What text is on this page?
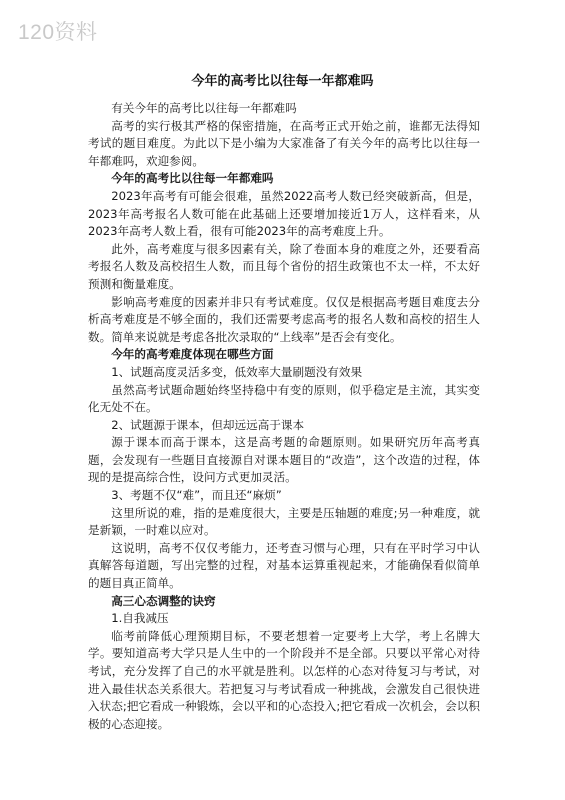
120资料
今年的高考比以往每一年都难吗

有关今年的高考比以往每一年都难吗

高考的实行极其严格的保密措施，在高考正式开始之前，谁都无法得知考试的题目难度。为此以下是小编为大家准备了有关今年的高考比以往每一年都难吗，欢迎参阅。

今年的高考比以往每一年都难吗

2023年高考有可能会很难，虽然2022高考人数已经突破新高，但是，2023年高考报名人数可能在此基础上还要增加接近1万人，这样看来，从2023年高考人数上看，很有可能2023年的高考难度上升。

此外，高考难度与很多因素有关，除了卷面本身的难度之外，还要看高考报名人数及高校招生人数，而且每个省份的招生政策也不太一样，不太好预测和衡量难度。

影响高考难度的因素并非只有考试难度。仅仅是根据高考题目难度去分析高考难度是不够全面的，我们还需要考虑高考的报名人数和高校的招生人数。简单来说就是考虑各批次录取的“上线率”是否会有变化。

今年的高考难度体现在哪些方面

1、试题高度灵活多变，低效率大量刷题没有效果

虽然高考试题命题始终坚持稳中有变的原则，似乎稳定是主流，其实变化无处不在。

2、试题源于课本，但却远远高于课本

源于课本而高于课本，这是高考题的命题原则。如果研究历年高考真题，会发现有一些题目直接源自对课本题目的“改造”，这个改造的过程，体现的是提高综合性，设问方式更加灵活。

3、考题不仅“难”，而且还“麻烦”

这里所说的难，指的是难度很大，主要是压轴题的难度;另一种难度，就是新颖，一时难以应对。

这说明，高考不仅仅考能力，还考查习惯与心理，只有在平时学习中认真解答每道题，写出完整的过程，对基本运算重视起来，才能确保看似简单的题目真正简单。

高三心态调整的诀窍

1.自我减压

临考前降低心理预期目标，不要老想着一定要考上大学，考上名牌大学。要知道高考大学只是人生中的一个阶段并不是全部。只要以平常心对待考试，充分发挥了自己的水平就是胜利。以怎样的心态对待复习与考试，对进入最佳状态关系很大。若把复习与考试看成一种挑战，会激发自己很快进入状态;把它看成一种锻炼，会以平和的心态投入;把它看成一次机会，会以积极的心态迎接。
